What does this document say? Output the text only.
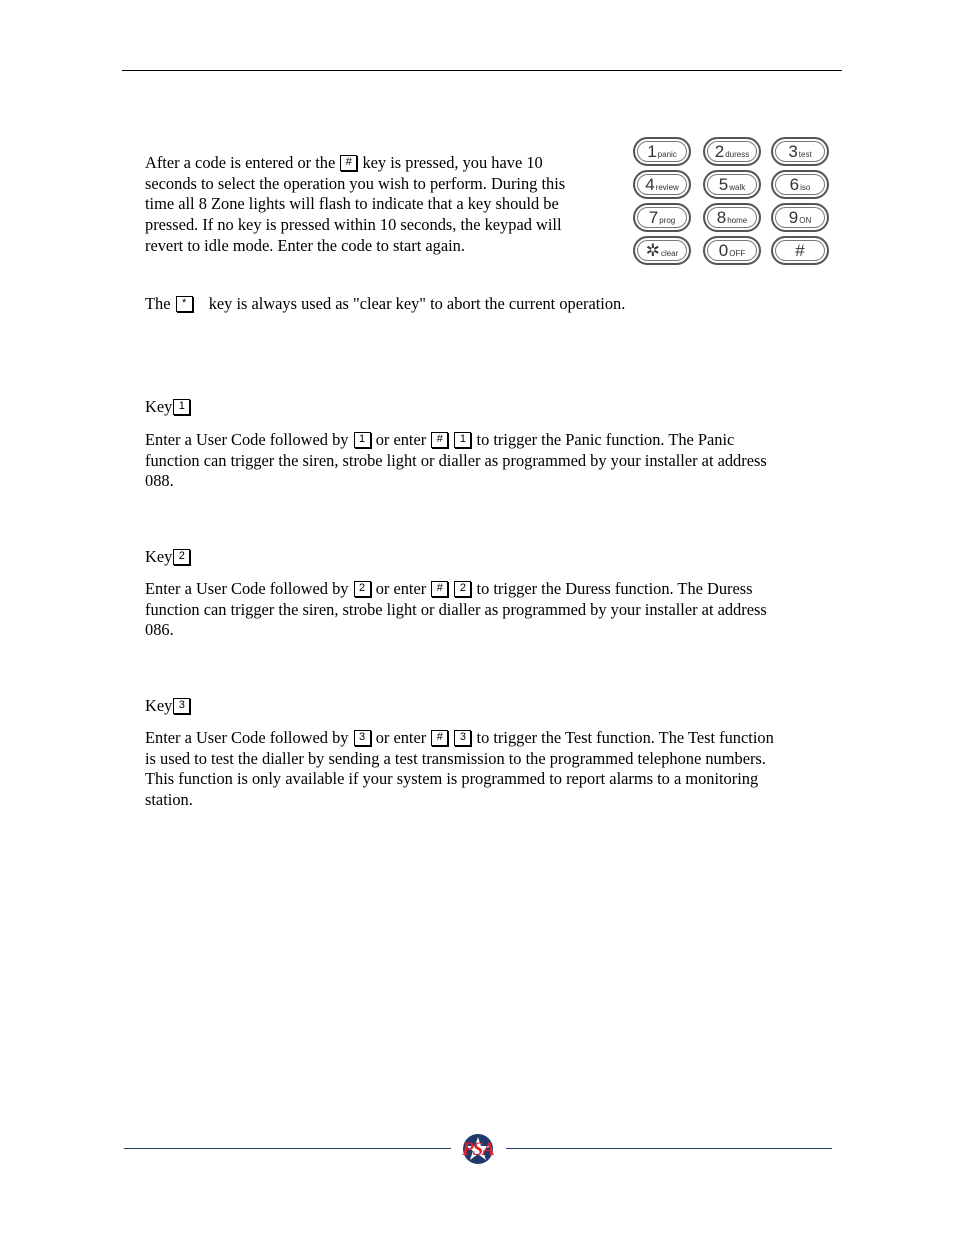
After a code is entered or the # key is pressed, you have 10
seconds to select the operation you wish to perform. During this
time all 8 Zone lights will flash to indicate that a key should be
pressed. If no key is pressed within 10 seconds, the keypad will
revert to idle mode. Enter the code to start again.
1 panic 2 duress 3 test
4 review 5 walk	6 iso
7 prog 8 home 9 ON
✲ clear 0 OFF	#
The * key is always used as "clear key" to abort the current operation.
Key 1
Enter a User Code followed by 1 or enter # 1 to trigger the Panic function. The Panic
function can trigger the siren, strobe light or dialler as programmed by your installer at address
088.
Key 2
Enter a User Code followed by 2 or enter # 2 to trigger the Duress function. The Duress
function can trigger the siren, strobe light or dialler as programmed by your installer at address
086.
Key 3
Enter a User Code followed by 3 or enter # 3 to trigger the Test function. The Test function
is used to test the dialler by sending a test transmission to the programmed telephone numbers.
This function is only available if your system is programmed to report alarms to a monitoring
station.
PSA
